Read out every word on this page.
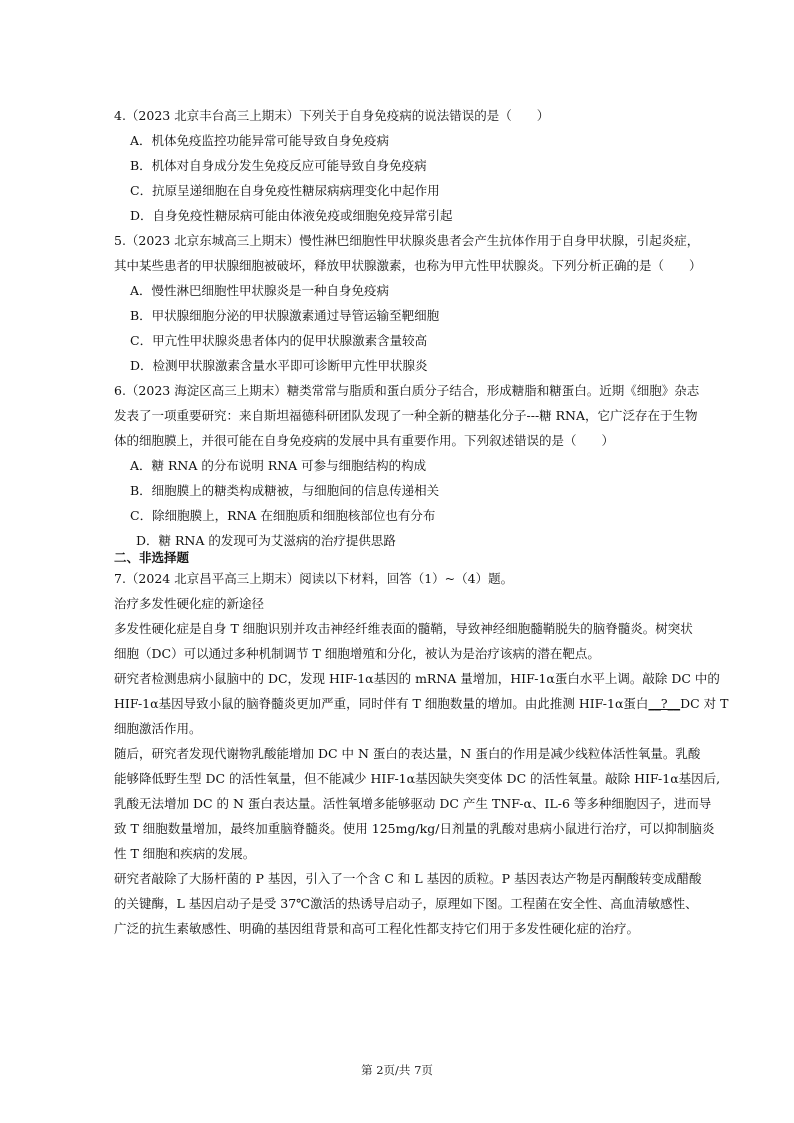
4.（2023 北京丰台高三上期末）下列关于自身免疫病的说法错误的是（　　）
A．机体免疫监控功能异常可能导致自身免疫病
B．机体对自身成分发生免疫反应可能导致自身免疫病
C．抗原呈递细胞在自身免疫性糖尿病病理变化中起作用
D．自身免疫性糖尿病可能由体液免疫或细胞免疫异常引起
5.（2023 北京东城高三上期末）慢性淋巴细胞性甲状腺炎患者会产生抗体作用于自身甲状腺，引起炎症，
其中某些患者的甲状腺细胞被破坏，释放甲状腺激素，也称为甲亢性甲状腺炎。下列分析正确的是（　　）
A．慢性淋巴细胞性甲状腺炎是一种自身免疫病
B．甲状腺细胞分泌的甲状腺激素通过导管运输至靶细胞
C．甲亢性甲状腺炎患者体内的促甲状腺激素含量较高
D．检测甲状腺激素含量水平即可诊断甲亢性甲状腺炎
6.（2023 海淀区高三上期末）糖类常常与脂质和蛋白质分子结合，形成糖脂和糖蛋白。近期《细胞》杂志
发表了一项重要研究：来自斯坦福德科研团队发现了一种全新的糖基化分子---糖 RNA，它广泛存在于生物
体的细胞膜上，并很可能在自身免疫病的发展中具有重要作用。下列叙述错误的是（　　）
A．糖 RNA 的分布说明 RNA 可参与细胞结构的构成
B．细胞膜上的糖类构成糖被，与细胞间的信息传递相关
C．除细胞膜上，RNA 在细胞质和细胞核部位也有分布
D．糖 RNA 的发现可为艾滋病的治疗提供思路
二、非选择题
7.（2024 北京昌平高三上期末）阅读以下材料，回答（1）~（4）题。
治疗多发性硬化症的新途径
多发性硬化症是自身 T 细胞识别并攻击神经纤维表面的髓鞘，导致神经细胞髓鞘脱失的脑脊髓炎。树突状
细胞（DC）可以通过多种机制调节 T 细胞增殖和分化，被认为是治疗该病的潜在靶点。
研究者检测患病小鼠脑中的 DC，发现 HIF-1α基因的 mRNA 量增加，HIF-1α蛋白水平上调。敲除 DC 中的
HIF-1α基因导致小鼠的脑脊髓炎更加严重，同时伴有 T 细胞数量的增加。由此推测 HIF-1α蛋白__?__DC 对 T
细胞激活作用。
随后，研究者发现代谢物乳酸能增加 DC 中 N 蛋白的表达量，N 蛋白的作用是减少线粒体活性氧量。乳酸
能够降低野生型 DC 的活性氧量，但不能减少 HIF-1α基因缺失突变体 DC 的活性氧量。敲除 HIF-1α基因后,
乳酸无法增加 DC 的 N 蛋白表达量。活性氧增多能够驱动 DC 产生 TNF-α、IL-6 等多种细胞因子，进而导
致 T 细胞数量增加，最终加重脑脊髓炎。使用 125mg/kg/日剂量的乳酸对患病小鼠进行治疗，可以抑制脑炎
性 T 细胞和疾病的发展。
研究者敲除了大肠杆菌的 P 基因，引入了一个含 C 和 L 基因的质粒。P 基因表达产物是丙酮酸转变成醋酸
的关键酶，L 基因启动子是受 37℃激活的热诱导启动子，原理如下图。工程菌在安全性、高血清敏感性、
广泛的抗生素敏感性、明确的基因组背景和高可工程化性都支持它们用于多发性硬化症的治疗。
第 2页/共 7页
